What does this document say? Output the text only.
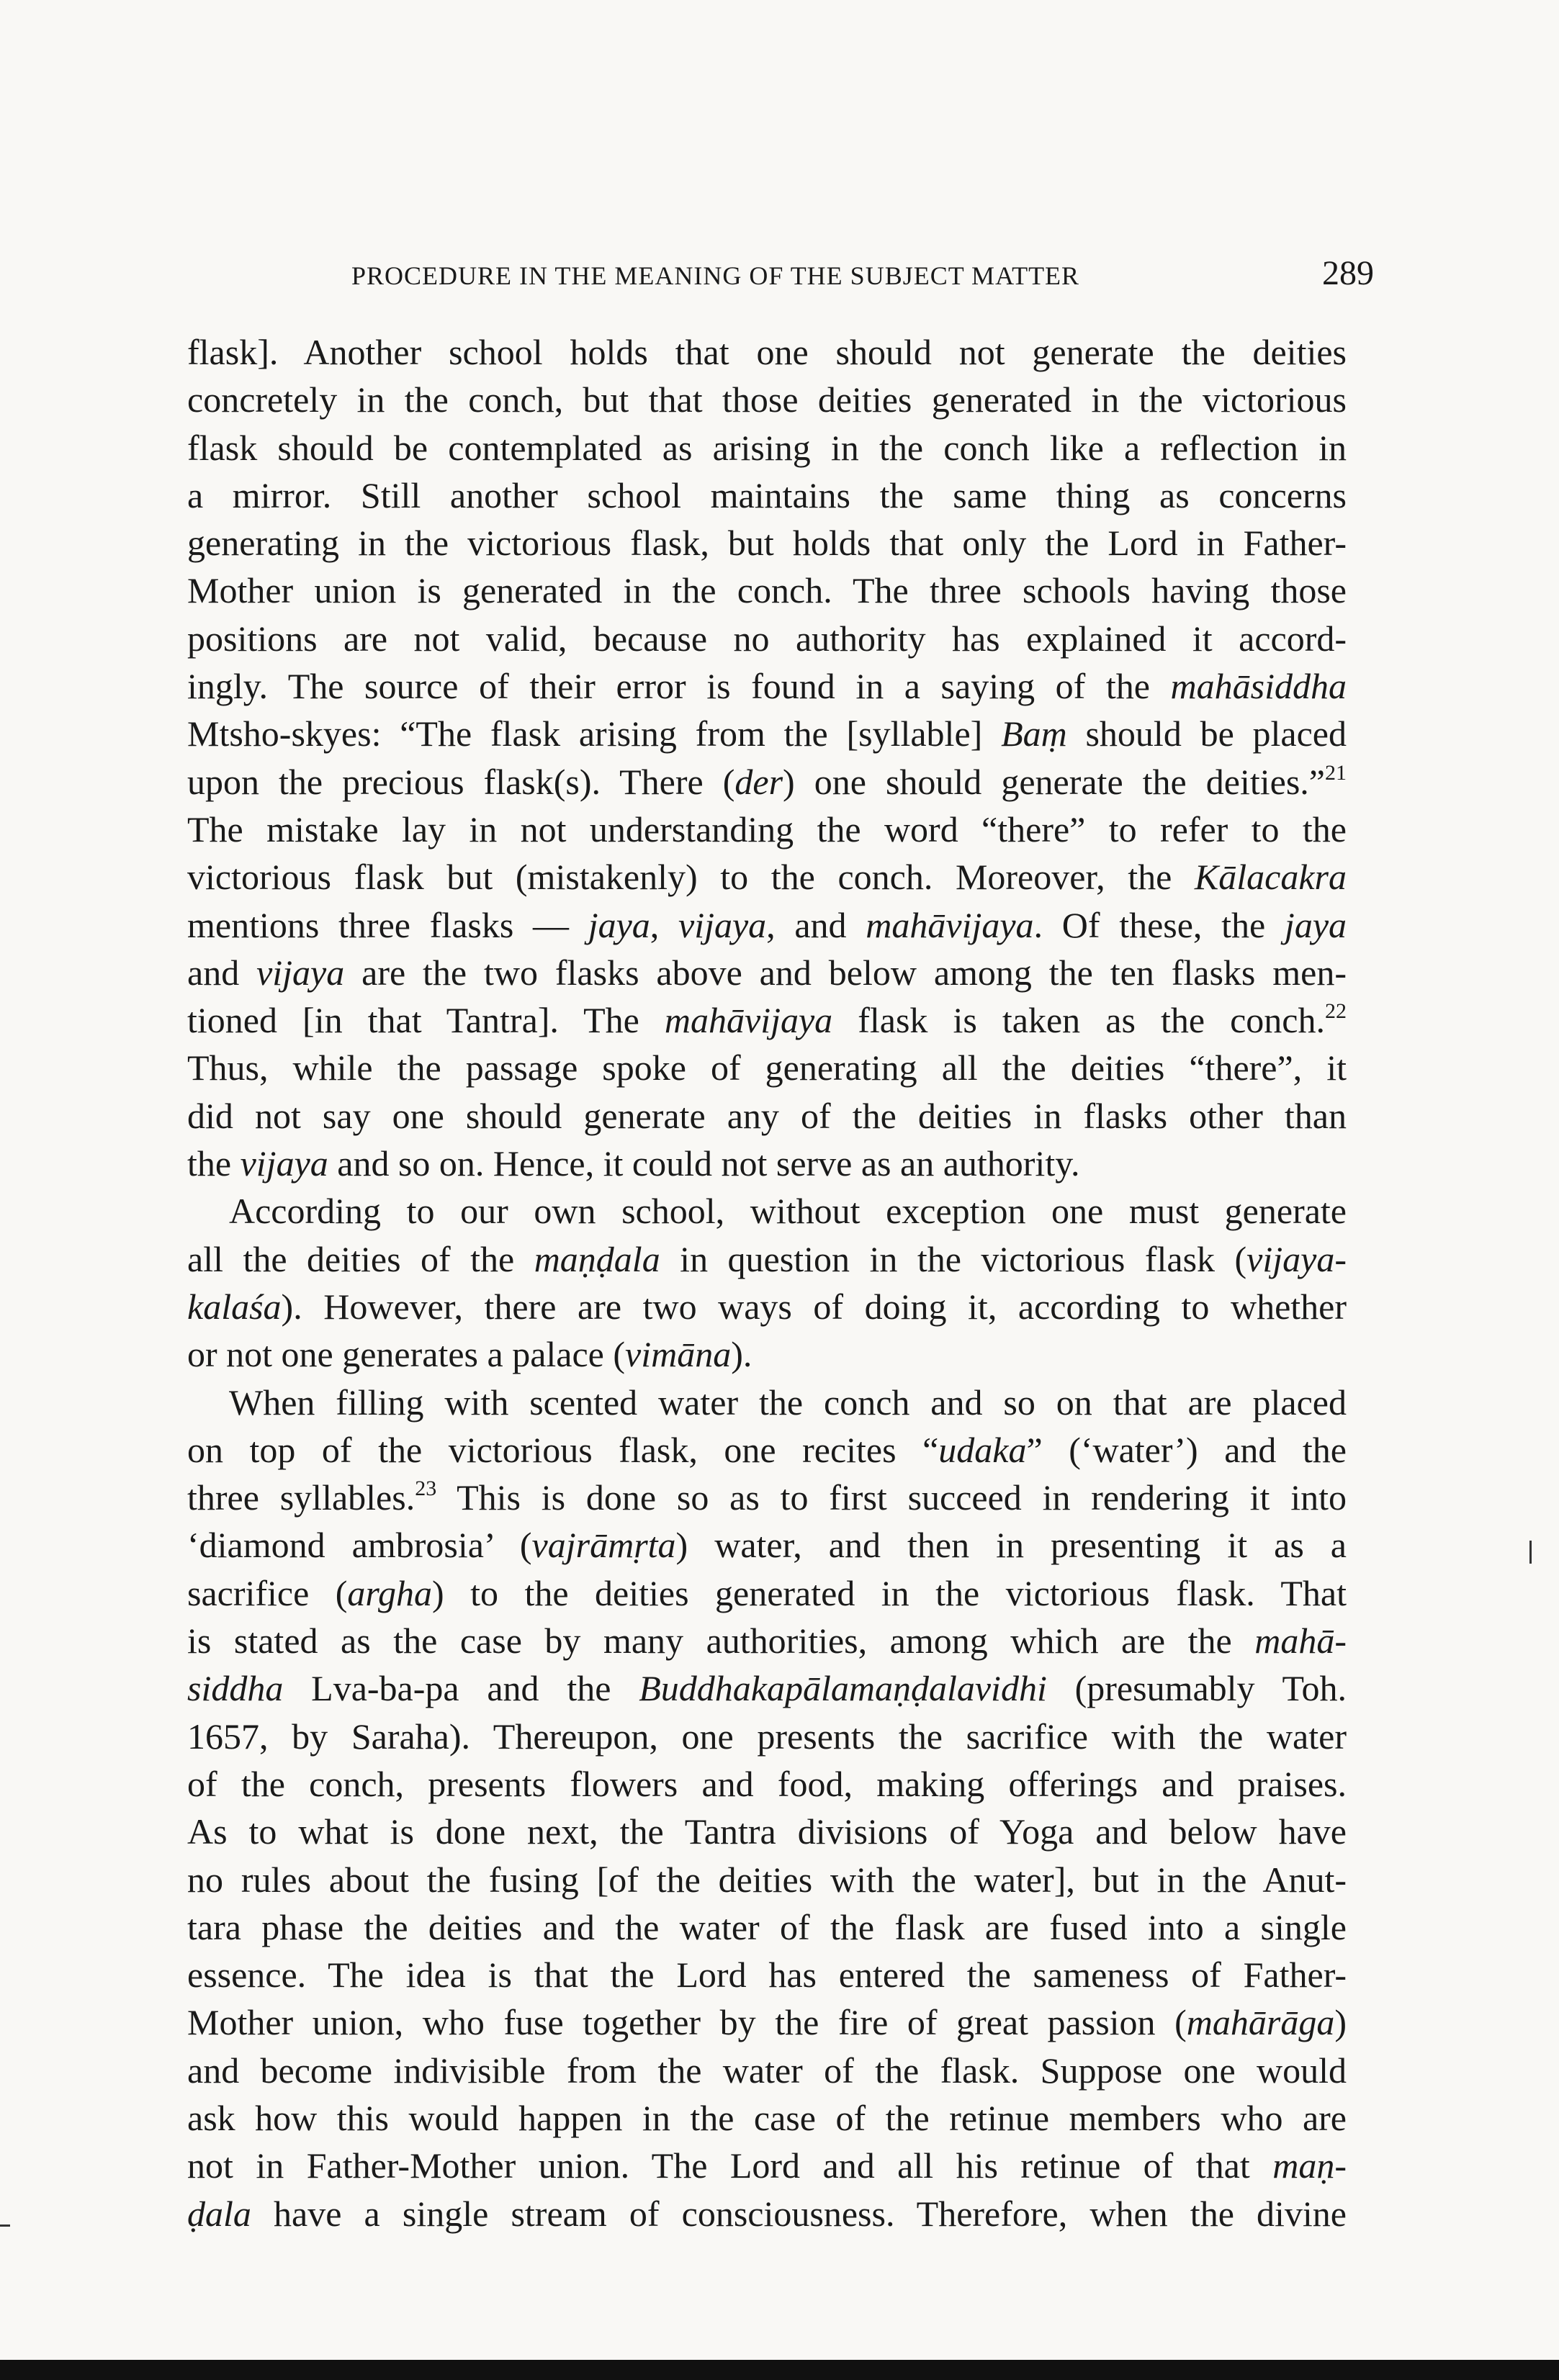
PROCEDURE IN THE MEANING OF THE SUBJECT MATTER	289
flask]. Another school holds that one should not generate the deities
concretely in the conch, but that those deities generated in the victorious
flask should be contemplated as arising in the conch like a reflection in
a mirror. Still another school maintains the same thing as concerns
generating in the victorious flask, but holds that only the Lord in Father-
Mother union is generated in the conch. The three schools having those
positions are not valid, because no authority has explained it accord-
ingly. The source of their error is found in a saying of the mahāsiddha
Mtsho-skyes: “The flask arising from the [syllable] Baṃ should be placed
upon the precious flask(s). There (der) one should generate the deities.”$^{21}$
The mistake lay in not understanding the word “there” to refer to the
victorious flask but (mistakenly) to the conch. Moreover, the Kālacakra
mentions three flasks — jaya, vijaya, and mahāvijaya. Of these, the jaya
and vijaya are the two flasks above and below among the ten flasks men-
tioned [in that Tantra]. The mahāvijaya flask is taken as the conch.$^{22}$
Thus, while the passage spoke of generating all the deities “there”, it
did not say one should generate any of the deities in flasks other than
the vijaya and so on. Hence, it could not serve as an authority.
According to our own school, without exception one must generate
all the deities of the maṇḍala in question in the victorious flask (vijaya-
kalaśa). However, there are two ways of doing it, according to whether
or not one generates a palace (vimāna).
When filling with scented water the conch and so on that are placed
on top of the victorious flask, one recites “udaka” (‘water’) and the
three syllables.$^{23}$ This is done so as to first succeed in rendering it into
‘diamond ambrosia’ (vajrāmṛta) water, and then in presenting it as a
sacrifice (argha) to the deities generated in the victorious flask. That
is stated as the case by many authorities, among which are the mahā-
siddha Lva-ba-pa and the Buddhakapālamaṇḍalavidhi (presumably Toh.
1657, by Saraha). Thereupon, one presents the sacrifice with the water
of the conch, presents flowers and food, making offerings and praises.
As to what is done next, the Tantra divisions of Yoga and below have
no rules about the fusing [of the deities with the water], but in the Anut-
tara phase the deities and the water of the flask are fused into a single
essence. The idea is that the Lord has entered the sameness of Father-
Mother union, who fuse together by the fire of great passion (mahārāga)
and become indivisible from the water of the flask. Suppose one would
ask how this would happen in the case of the retinue members who are
not in Father-Mother union. The Lord and all his retinue of that maṇ-
ḍala have a single stream of consciousness. Therefore, when the divine
